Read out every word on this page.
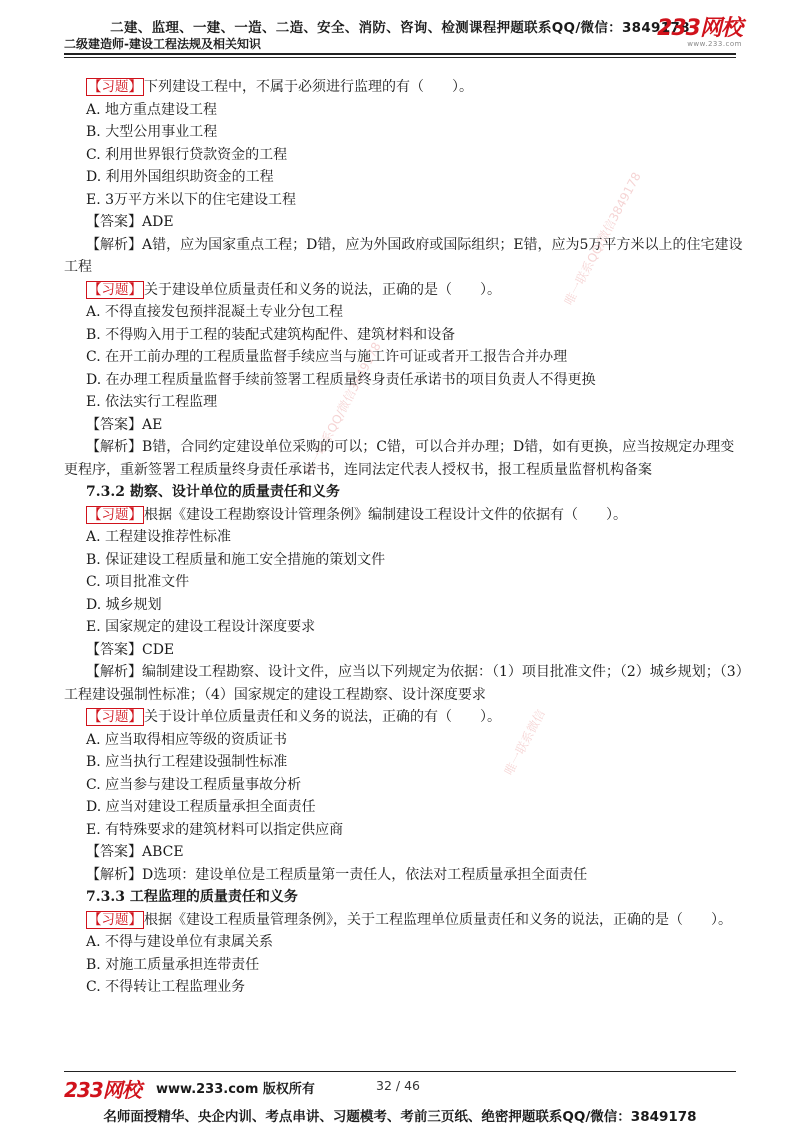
二建、监理、一建、一造、二造、安全、消防、咨询、检测课程押题联系QQ/微信：3849178
二级建造师-建设工程法规及相关知识
233网校
www.233.com
唯一联系QQ/微信3849178
唯一联系QQ/微信3849178
唯一联系微信
【习题】 下列建设工程中，不属于必须进行监理的有（　　）。
A. 地方重点建设工程
B. 大型公用事业工程
C. 利用世界银行贷款资金的工程
D. 利用外国组织助资金的工程
E. 3万平方米以下的住宅建设工程
【答案】ADE
【解析】A错，应为国家重点工程；D错，应为外国政府或国际组织；E错，应为5万平方米以上的住宅建设工程
【习题】 关于建设单位质量责任和义务的说法，正确的是（　　）。
A. 不得直接发包预拌混凝土专业分包工程
B. 不得购入用于工程的装配式建筑构配件、建筑材料和设备
C. 在开工前办理的工程质量监督手续应当与施工许可证或者开工报告合并办理
D. 在办理工程质量监督手续前签署工程质量终身责任承诺书的项目负责人不得更换
E. 依法实行工程监理
【答案】AE
【解析】B错，合同约定建设单位采购的可以；C错，可以合并办理；D错，如有更换，应当按规定办理变更程序，重新签署工程质量终身责任承诺书，连同法定代表人授权书，报工程质量监督机构备案
7.3.2 勘察、设计单位的质量责任和义务
【习题】 根据《建设工程勘察设计管理条例》编制建设工程设计文件的依据有（　　）。
A. 工程建设推荐性标准
B. 保证建设工程质量和施工安全措施的策划文件
C. 项目批准文件
D. 城乡规划
E. 国家规定的建设工程设计深度要求
【答案】CDE
【解析】编制建设工程勘察、设计文件，应当以下列规定为依据：（1）项目批准文件；（2）城乡规划；（3）工程建设强制性标准；（4）国家规定的建设工程勘察、设计深度要求
【习题】 关于设计单位质量责任和义务的说法，正确的有（　　）。
A. 应当取得相应等级的资质证书
B. 应当执行工程建设强制性标准
C. 应当参与建设工程质量事故分析
D. 应当对建设工程质量承担全面责任
E. 有特殊要求的建筑材料可以指定供应商
【答案】ABCE
【解析】D选项：建设单位是工程质量第一责任人，依法对工程质量承担全面责任
7.3.3 工程监理的质量责任和义务
【习题】 根据《建设工程质量管理条例》，关于工程监理单位质量责任和义务的说法，正确的是（　　）。
A. 不得与建设单位有隶属关系
B. 对施工质量承担连带责任
C. 不得转让工程监理业务
233网校 www.233.com 版权所有	32 / 46
名师面授精华、央企内训、考点串讲、习题模考、考前三页纸、绝密押题联系QQ/微信：3849178
